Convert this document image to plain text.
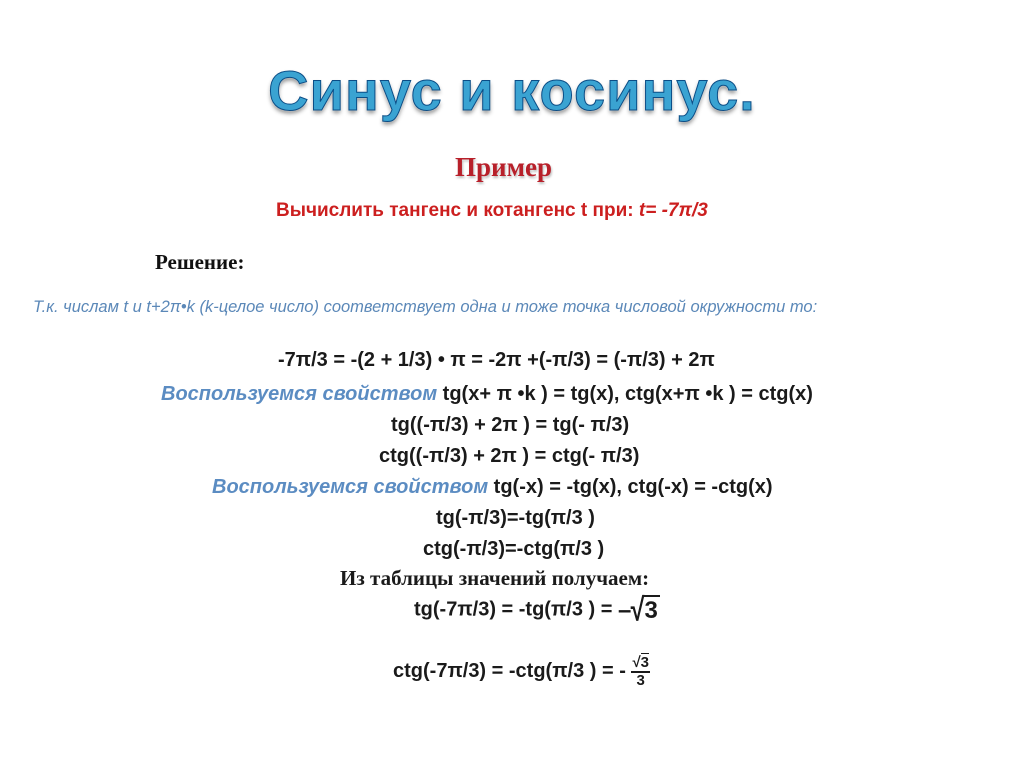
Синус и косинус.
Пример
Вычислить тангенс и котангенс t при: t= -7π/3
Решение:
Т.к. числам t и t+2π•k (k-целое число) соответствует одна и тоже точка числовой окружности то:
-7π/3 = -(2 + 1/3) • π = -2π +(-π/3) = (-π/3) + 2π
Воспользуемся свойством tg(x+ π •k ) = tg(x), ctg(x+π •k ) = ctg(x)
tg((-π/3) + 2π ) = tg(- π/3)
ctg((-π/3) + 2π ) = ctg(- π/3)
Воспользуемся свойством tg(-x) = -tg(x), ctg(-x) = -ctg(x)
tg(-π/3)=-tg(π/3 )
ctg(-π/3)=-ctg(π/3 )
Из таблицы значений получаем:
tg(-7π/3) = -tg(π/3 ) = –√3
ctg(-7π/3) = -ctg(π/3 ) = - $\frac{√3}{3}$
